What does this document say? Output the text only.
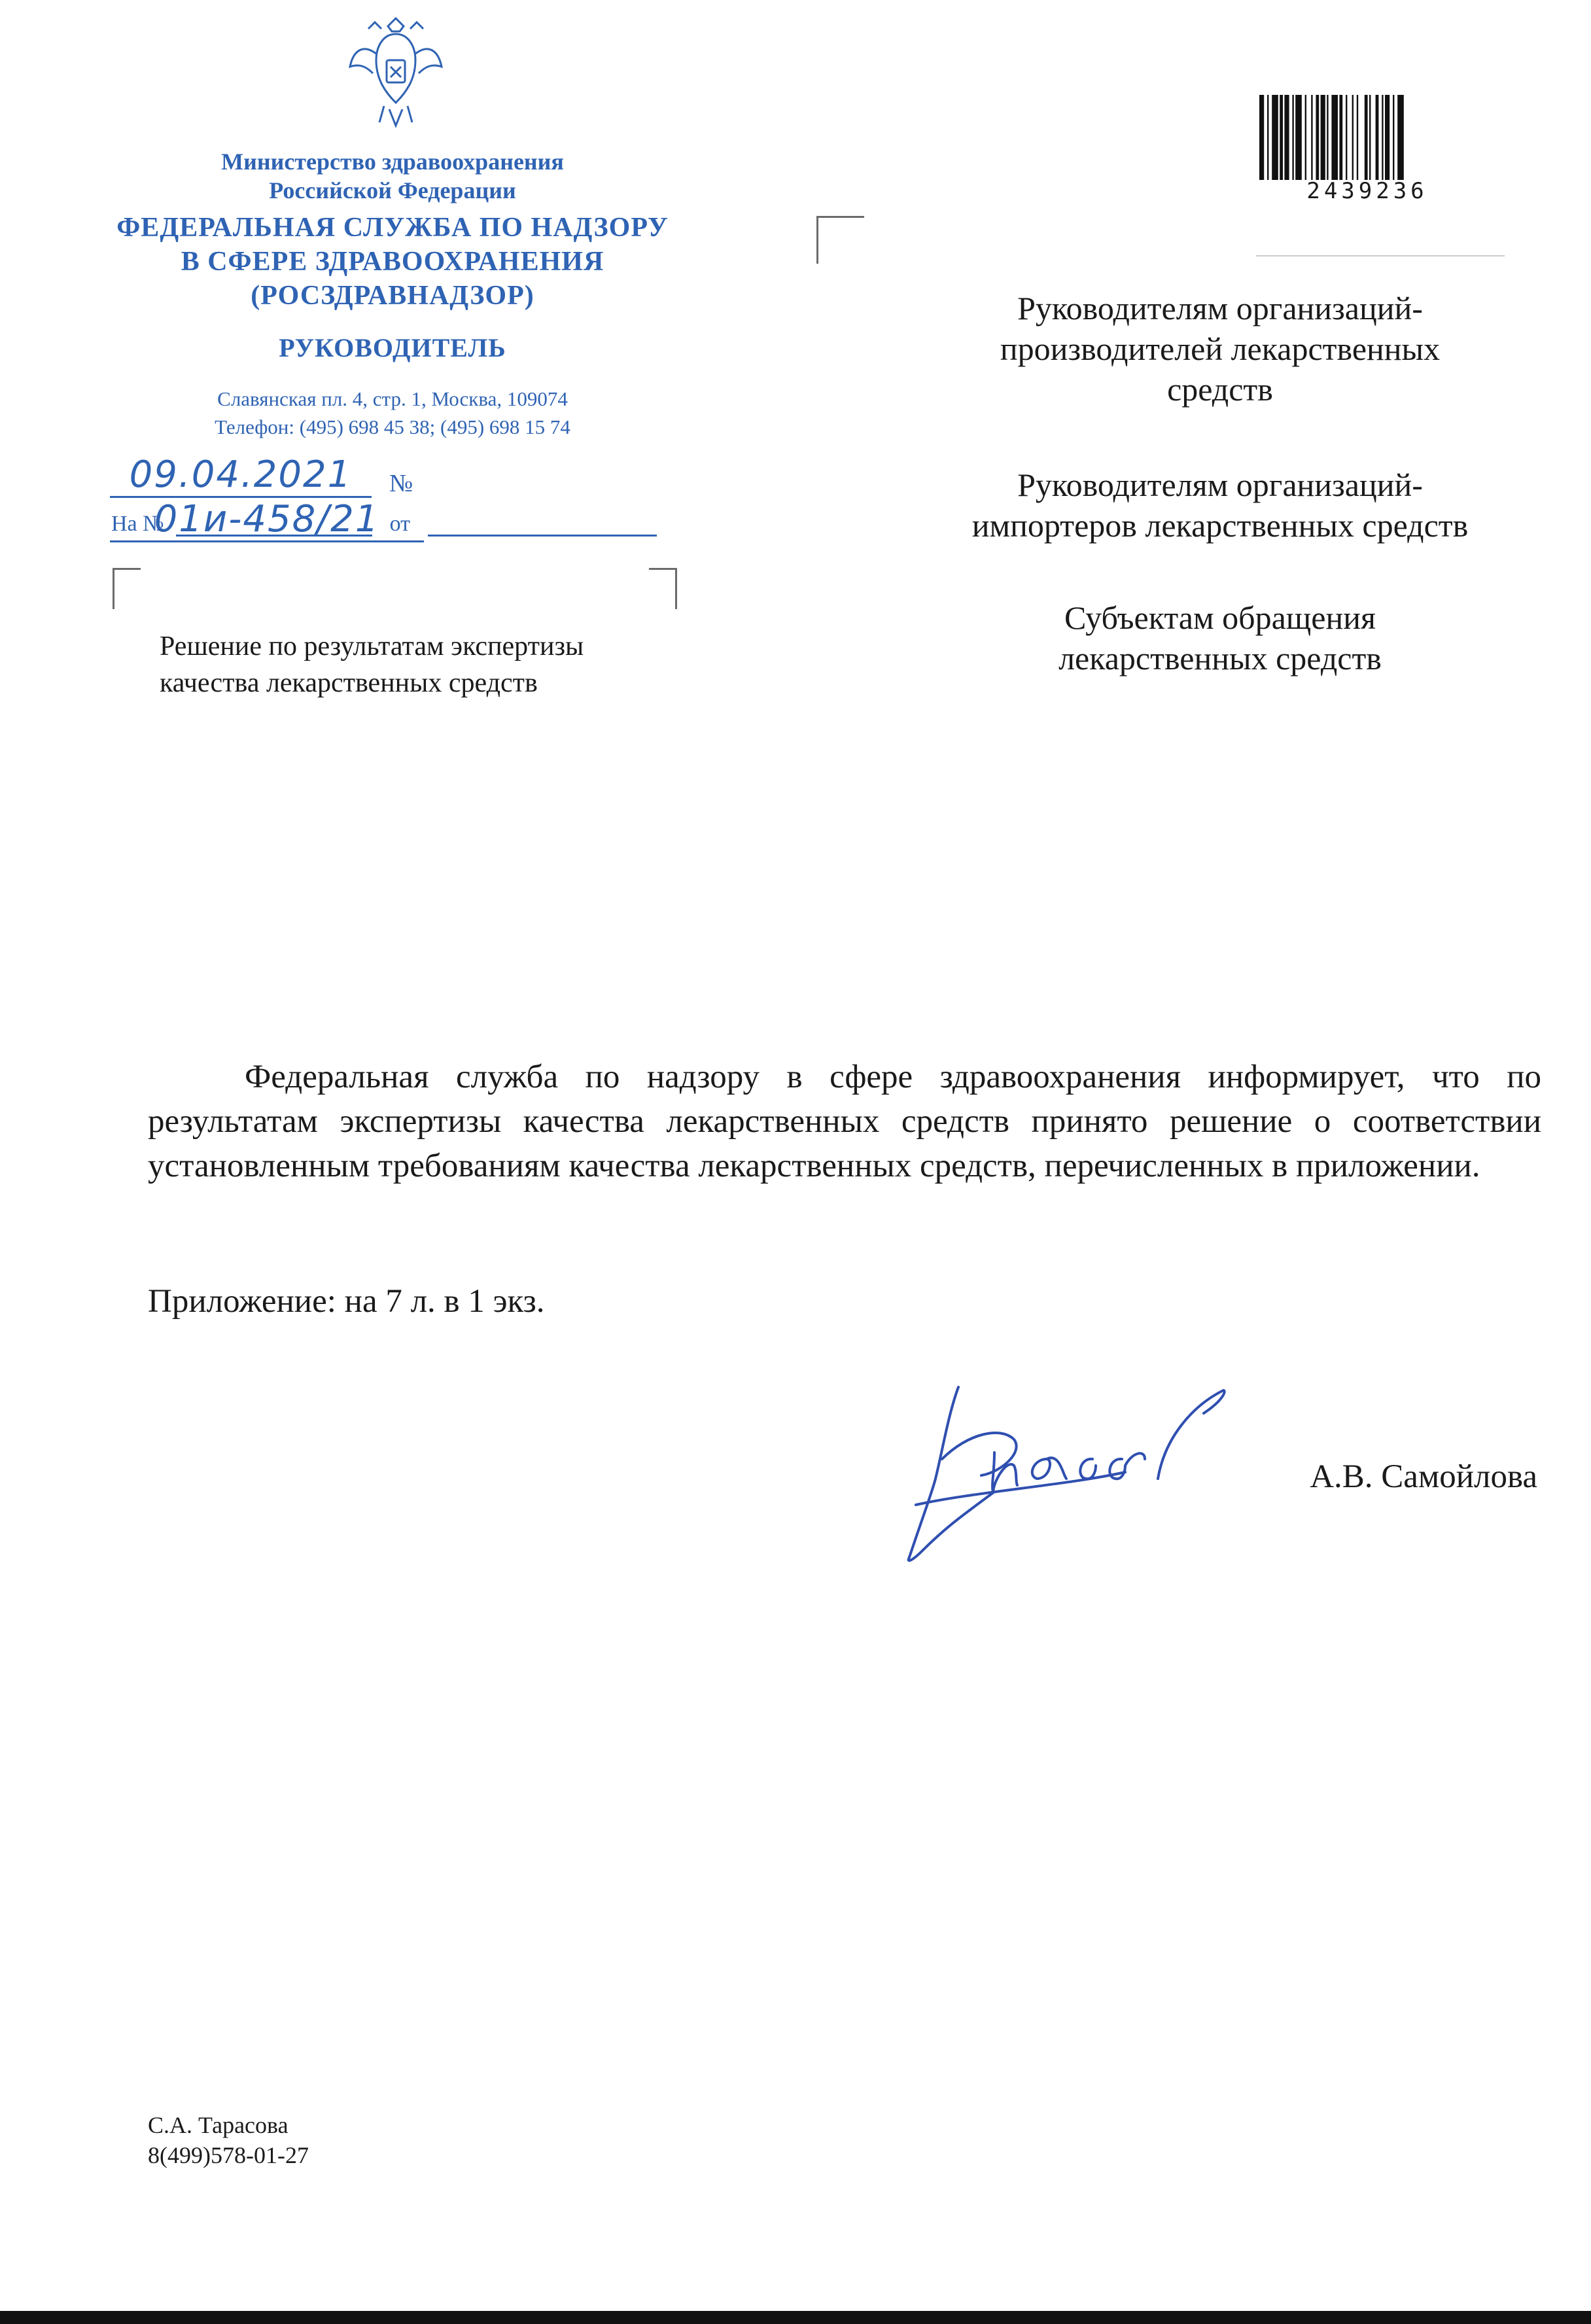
Министерство здравоохранения
Российской Федерации
ФЕДЕРАЛЬНАЯ СЛУЖБА ПО НАДЗОРУ
В СФЕРЕ ЗДРАВООХРАНЕНИЯ
(РОСЗДРАВНАДЗОР)
РУКОВОДИТЕЛЬ
Славянская пл. 4, стр. 1, Москва, 109074
Телефон: (495) 698 45 38; (495) 698 15 74
09.04.2021 № 01и-458/21
На №	от
Решение по результатам экспертизы
качества лекарственных средств
2439236
Руководителям организаций-
производителей лекарственных
средств
Руководителям организаций-
импортеров лекарственных средств
Субъектам обращения
лекарственных средств
Федеральная служба по надзору в сфере здравоохранения информирует, что по результатам экспертизы качества лекарственных средств принято решение о соответствии установленным требованиям качества лекарственных средств, перечисленных в приложении.
Приложение: на 7 л. в 1 экз.
А.В. Самойлова
С.А. Тарасова
8(499)578-01-27
